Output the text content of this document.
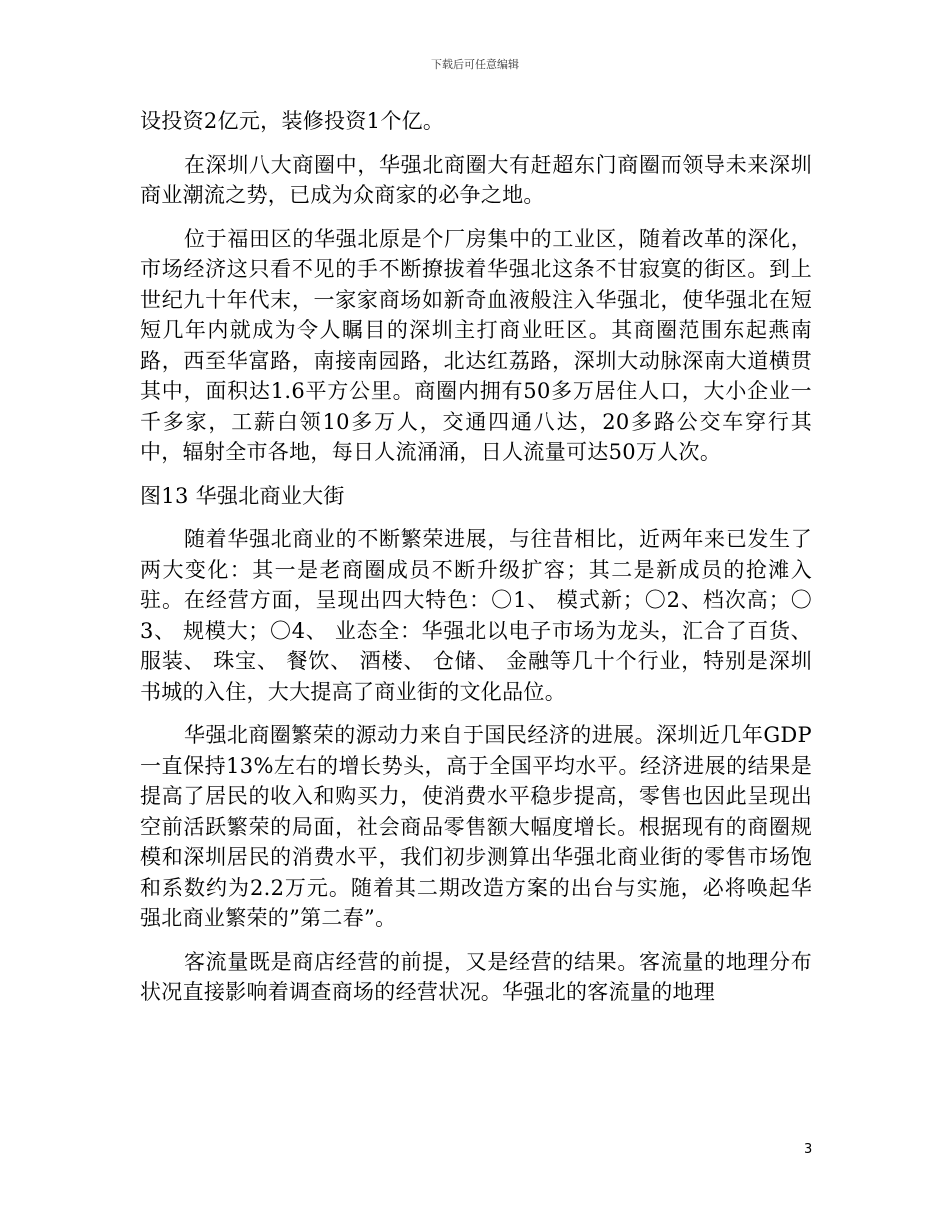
下载后可任意编辑

设投资2亿元，装修投资1个亿。

在深圳八大商圈中，华强北商圈大有赶超东门商圈而领导未来深圳商业潮流之势，已成为众商家的必争之地。

位于福田区的华强北原是个厂房集中的工业区，随着改革的深化，市场经济这只看不见的手不断撩拔着华强北这条不甘寂寞的街区。到上世纪九十年代末，一家家商场如新奇血液般注入华强北，使华强北在短短几年内就成为令人瞩目的深圳主打商业旺区。其商圈范围东起燕南路，西至华富路，南接南园路，北达红荔路，深圳大动脉深南大道横贯其中，面积达1.6平方公里。商圈内拥有50多万居住人口，大小企业一千多家，工薪白领10多万人，交通四通八达，20多路公交车穿行其中，辐射全市各地，每日人流涌涌，日人流量可达50万人次。

图13 华强北商业大街

随着华强北商业的不断繁荣进展，与往昔相比，近两年来已发生了两大变化：其一是老商圈成员不断升级扩容；其二是新成员的抢滩入驻。在经营方面，呈现出四大特色：〇1、 模式新；〇2、档次高；〇3、 规模大；〇4、 业态全：华强北以电子市场为龙头，汇合了百货、 服装、 珠宝、 餐饮、 酒楼、 仓储、 金融等几十个行业，特别是深圳书城的入住，大大提高了商业街的文化品位。

华强北商圈繁荣的源动力来自于国民经济的进展。深圳近几年GDP一直保持13%左右的增长势头，高于全国平均水平。经济进展的结果是提高了居民的收入和购买力，使消费水平稳步提高，零售也因此呈现出空前活跃繁荣的局面，社会商品零售额大幅度增长。根据现有的商圈规模和深圳居民的消费水平，我们初步测算出华强北商业街的零售市场饱和系数约为2.2万元。随着其二期改造方案的出台与实施，必将唤起华强北商业繁荣的”第二春”。

客流量既是商店经营的前提，又是经营的结果。客流量的地理分布状况直接影响着调查商场的经营状况。华强北的客流量的地理

3
